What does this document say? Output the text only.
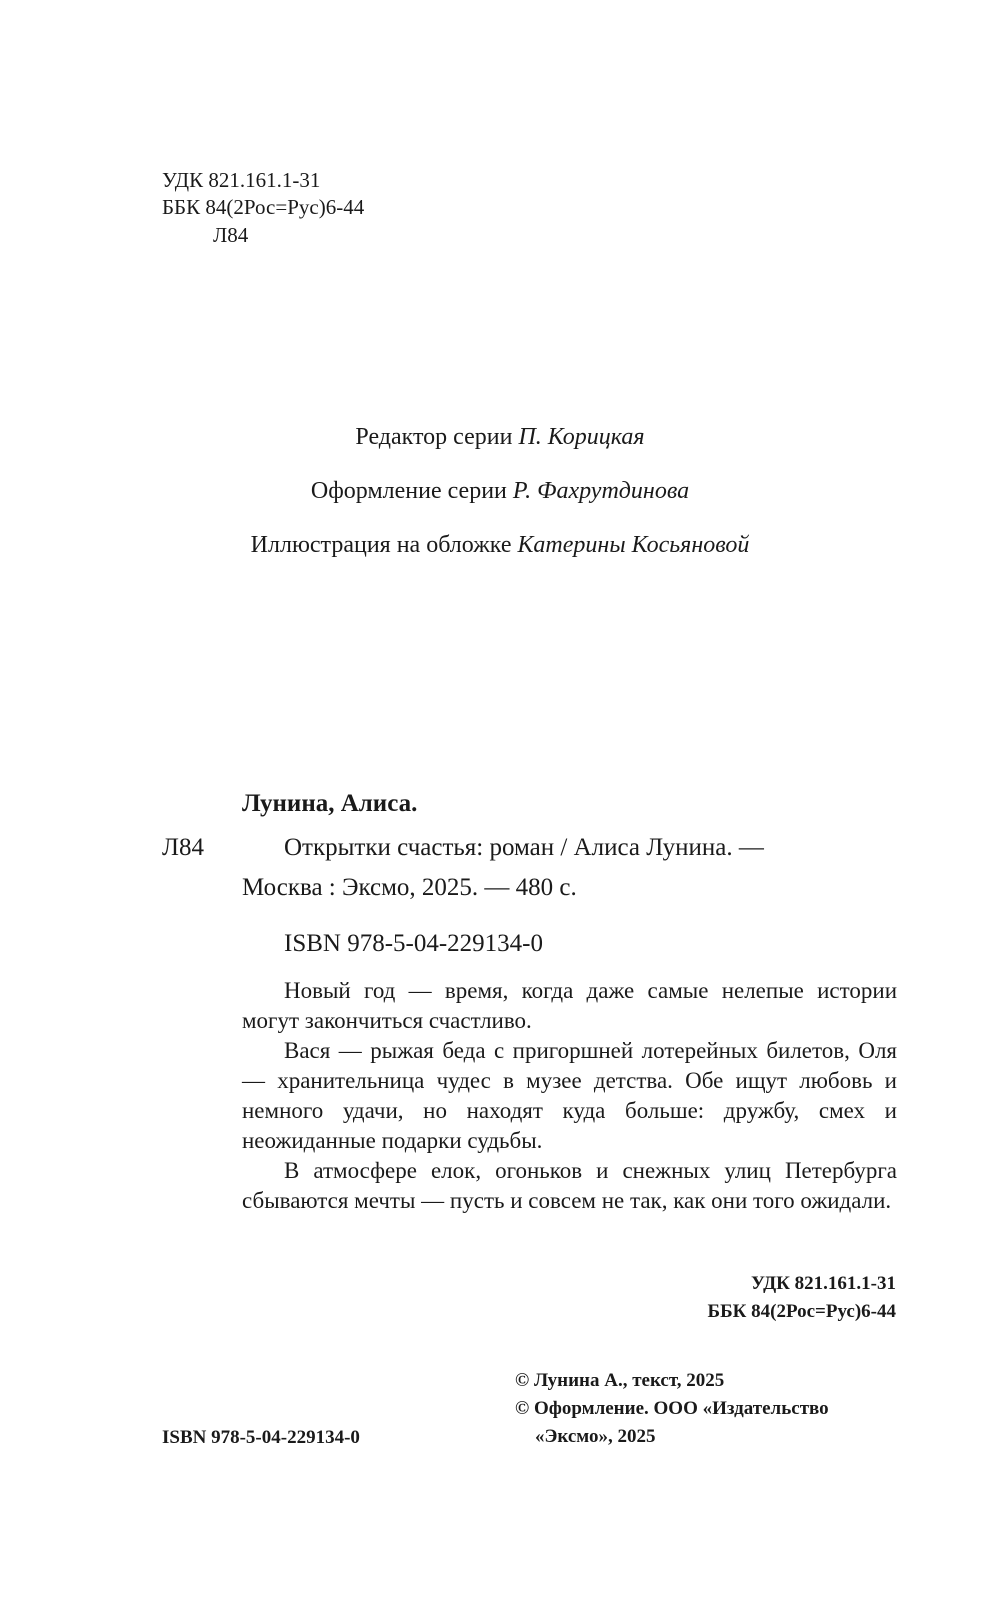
УДК 821.161.1-31
ББК 84(2Рос=Рус)6-44
Л84
Редактор серии П. Корицкая
Оформление серии Р. Фахрутдинова
Иллюстрация на обложке Катерины Косьяновой
Лунина, Алиса.
Л84	Открытки счастья: роман / Алиса Лунина. —
Москва : Эксмо, 2025. — 480 с.
ISBN 978-5-04-229134-0

Новый год — время, когда даже самые нелепые истории могут закончиться счастливо.

Вася — рыжая беда с пригоршней лотерейных билетов, Оля — хранительница чудес в музее детства. Обе ищут любовь и немного удачи, но находят куда больше: дружбу, смех и неожиданные подарки судьбы.

В атмосфере елок, огоньков и снежных улиц Петербурга сбываются мечты — пусть и совсем не так, как они того ожидали.

УДК 821.161.1-31
ББК 84(2Рос=Рус)6-44
ISBN 978-5-04-229134-0
© Лунина А., текст, 2025
© Оформление. ООО «Издательство
«Эксмо», 2025
